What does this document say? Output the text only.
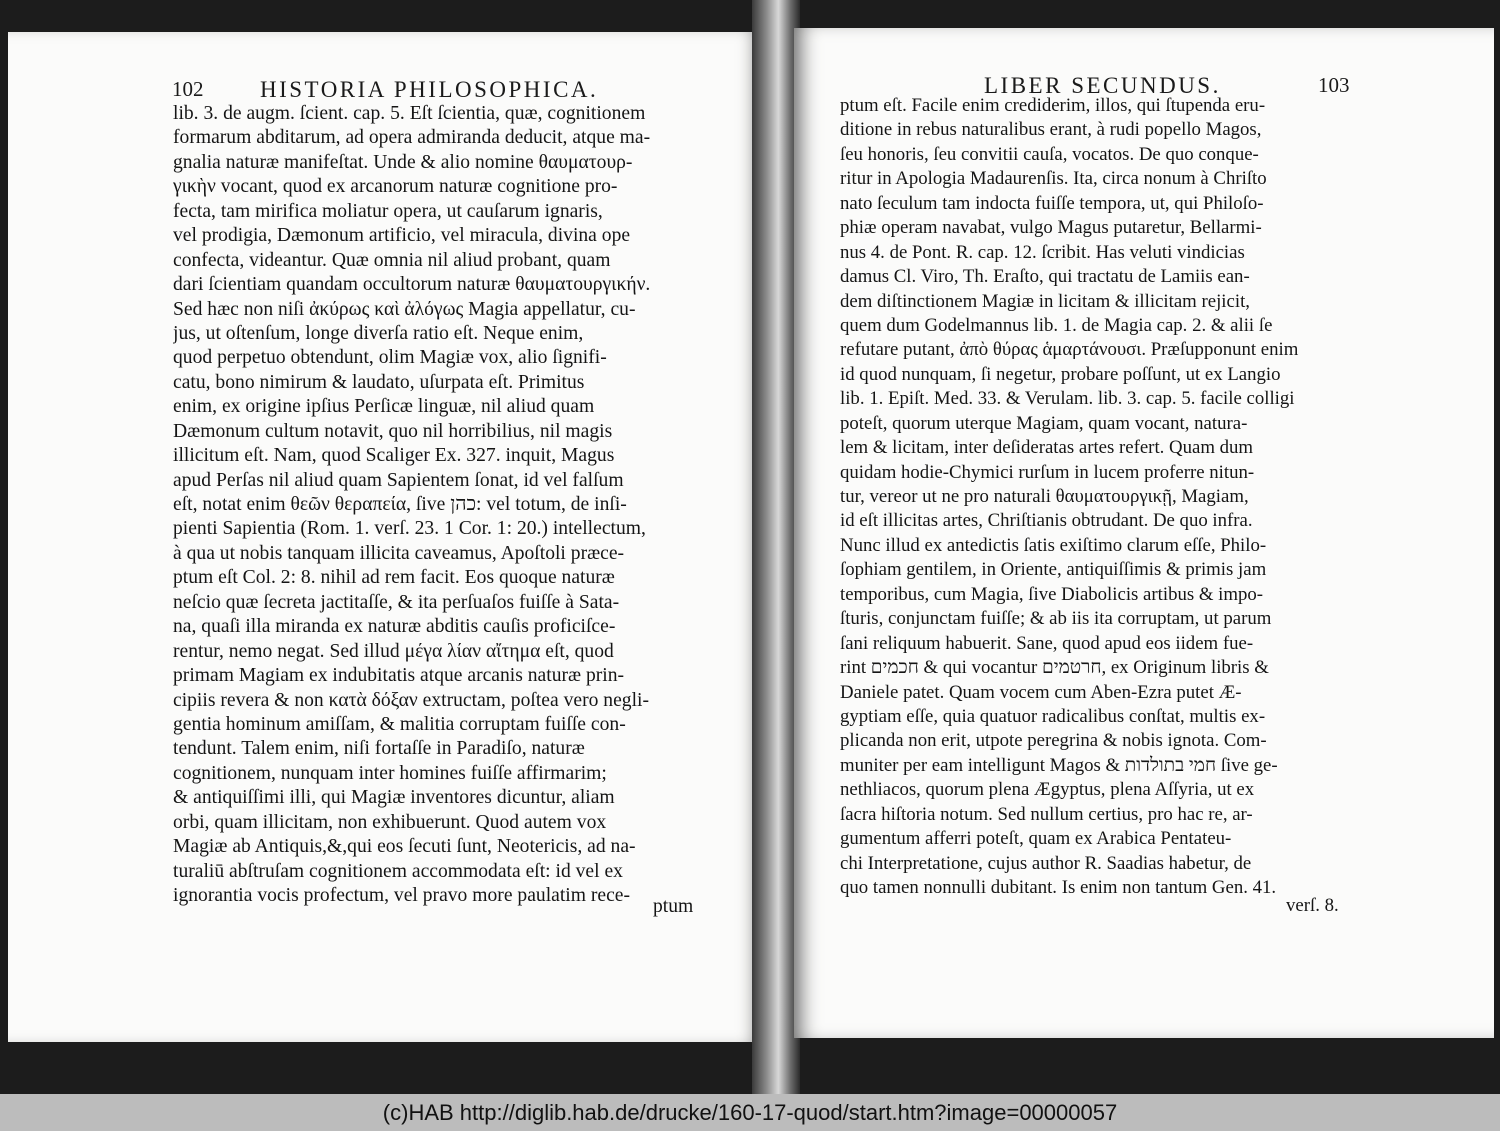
102 HISTORIA PHILOSOPHICA.
lib. 3. de augm. ſcient. cap. 5. Eſt ſcientia, quæ, cognitionem
formarum abditarum, ad opera admiranda deducit, atque ma-
gnalia naturæ manifeſtat. Unde & alio nomine θαυματουρ-
γικὴν vocant, quod ex arcanorum naturæ cognitione pro-
fecta, tam mirifica moliatur opera, ut cauſarum ignaris,
vel prodigia, Dæmonum artificio, vel miracula, divina ope
confecta, videantur. Quæ omnia nil aliud probant, quam
dari ſcientiam quandam occultorum naturæ θαυματουργικήν.
Sed hæc non niſi ἀκύρως καὶ ἀλόγως Magia appellatur, cu-
jus, ut oſtenſum, longe diverſa ratio eſt. Neque enim,
quod perpetuo obtendunt, olim Magiæ vox, alio ſignifi-
catu, bono nimirum & laudato, uſurpata eſt. Primitus
enim, ex origine ipſius Perſicæ linguæ, nil aliud quam
Dæmonum cultum notavit, quo nil horribilius, nil magis
illicitum eſt. Nam, quod Scaliger Ex. 327. inquit, Magus
apud Perſas nil aliud quam Sapientem ſonat, id vel falſum
eſt, notat enim θεῶν θεραπεία, ſive כהן: vel totum, de inſi-
pienti Sapientia (Rom. 1. verſ. 23. 1 Cor. 1: 20.) intellectum,
à qua ut nobis tanquam illicita caveamus, Apoſtoli præce-
ptum eſt Col. 2: 8. nihil ad rem facit. Eos quoque naturæ
neſcio quæ ſecreta jactitaſſe, & ita perſuaſos fuiſſe à Sata-
na, quaſi illa miranda ex naturæ abditis cauſis proficiſce-
rentur, nemo negat. Sed illud μέγα λίαν αἴτημα eſt, quod
primam Magiam ex indubitatis atque arcanis naturæ prin-
cipiis revera & non κατὰ δόξαν extructam, poſtea vero negli-
gentia hominum amiſſam, & malitia corruptam fuiſſe con-
tendunt. Talem enim, niſi fortaſſe in Paradiſo, naturæ
cognitionem, nunquam inter homines fuiſſe affirmarim;
& antiquiſſimi illi, qui Magiæ inventores dicuntur, aliam
orbi, quam illicitam, non exhibuerunt. Quod autem vox
Magiæ ab Antiquis,&,qui eos ſecuti ſunt, Neotericis, ad na-
turaliū abſtruſam cognitionem accommodata eſt: id vel ex
ignorantia vocis profectum, vel pravo more paulatim rece-
ptum
LIBER SECUNDUS.	103
ptum eſt. Facile enim crediderim, illos, qui ſtupenda eru-
ditione in rebus naturalibus erant, à rudi popello Magos,
ſeu honoris, ſeu convitii cauſa, vocatos. De quo conque-
ritur in Apologia Madaurenſis. Ita, circa nonum à Chriſto
nato ſeculum tam indocta fuiſſe tempora, ut, qui Philoſo-
phiæ operam navabat, vulgo Magus putaretur, Bellarmi-
nus 4. de Pont. R. cap. 12. ſcribit. Has veluti vindicias
damus Cl. Viro, Th. Eraſto, qui tractatu de Lamiis ean-
dem diſtinctionem Magiæ in licitam & illicitam rejicit,
quem dum Godelmannus lib. 1. de Magia cap. 2. & alii ſe
refutare putant, ἀπὸ θύρας ἁμαρτάνουσι. Præſupponunt enim
id quod nunquam, ſi negetur, probare poſſunt, ut ex Langio
lib. 1. Epiſt. Med. 33. & Verulam. lib. 3. cap. 5. facile colligi
poteſt, quorum uterque Magiam, quam vocant, natura-
lem & licitam, inter deſideratas artes refert. Quam dum
quidam hodie-Chymici rurſum in lucem proferre nitun-
tur, vereor ut ne pro naturali θαυματουργικῇ, Magiam,
id eſt illicitas artes, Chriſtianis obtrudant. De quo infra.
Nunc illud ex antedictis ſatis exiſtimo clarum eſſe, Philo-
ſophiam gentilem, in Oriente, antiquiſſimis & primis jam
temporibus, cum Magia, ſive Diabolicis artibus & impo-
ſturis, conjunctam fuiſſe; & ab iis ita corruptam, ut parum
ſani reliquum habuerit. Sane, quod apud eos iidem fue-
rint חכמים & qui vocantur חרטמים, ex Originum libris &
Daniele patet. Quam vocem cum Aben-Ezra putet Æ-
gyptiam eſſe, quia quatuor radicalibus conſtat, multis ex-
plicanda non erit, utpote peregrina & nobis ignota. Com-
muniter per eam intelligunt Magos & חמי בתולדות ſive ge-
nethliacos, quorum plena Ægyptus, plena Aſſyria, ut ex
ſacra hiſtoria notum. Sed nullum certius, pro hac re, ar-
gumentum afferri poteſt, quam ex Arabica Pentateu-
chi Interpretatione, cujus author R. Saadias habetur, de
quo tamen nonnulli dubitant. Is enim non tantum Gen. 41.
verſ. 8.
(c)HAB http://diglib.hab.de/drucke/160-17-quod/start.htm?image=00000057
